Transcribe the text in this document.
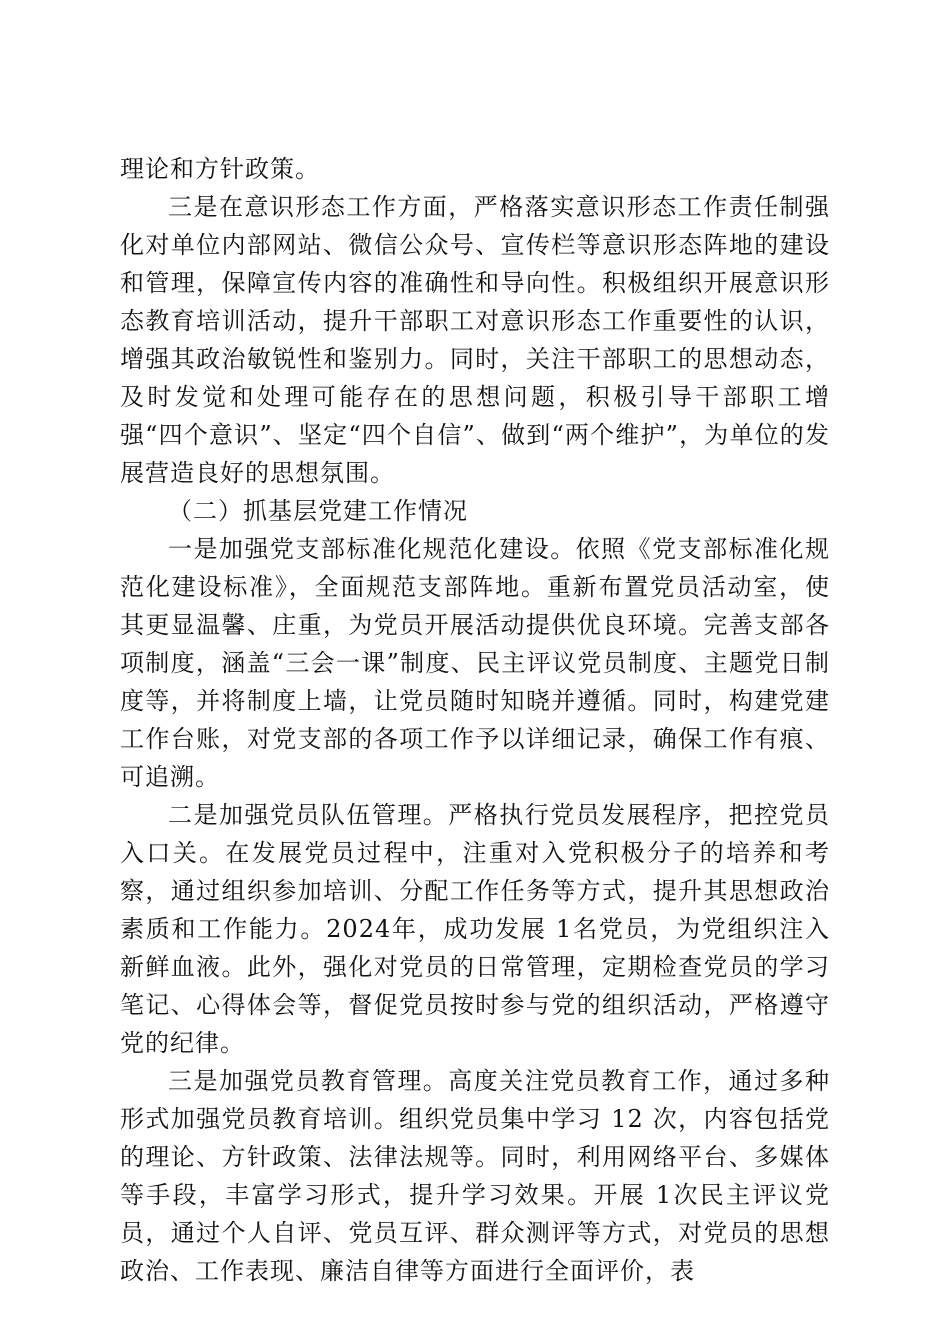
理论和方针政策。

三是在意识形态工作方面，严格落实意识形态工作责任制强化对单位内部网站、微信公众号、宣传栏等意识形态阵地的建设和管理，保障宣传内容的准确性和导向性。积极组织开展意识形态教育培训活动，提升干部职工对意识形态工作重要性的认识，增强其政治敏锐性和鉴别力。同时，关注干部职工的思想动态，及时发觉和处理可能存在的思想问题，积极引导干部职工增强“四个意识”、坚定“四个自信”、做到“两个维护”，为单位的发展营造良好的思想氛围。

（二）抓基层党建工作情况

一是加强党支部标准化规范化建设。依照《党支部标准化规范化建设标准》，全面规范支部阵地。重新布置党员活动室，使其更显温馨、庄重，为党员开展活动提供优良环境。完善支部各项制度，涵盖“三会一课”制度、民主评议党员制度、主题党日制度等，并将制度上墙，让党员随时知晓并遵循。同时，构建党建工作台账，对党支部的各项工作予以详细记录，确保工作有痕、可追溯。

二是加强党员队伍管理。严格执行党员发展程序，把控党员入口关。在发展党员过程中，注重对入党积极分子的培养和考察，通过组织参加培训、分配工作任务等方式，提升其思想政治素质和工作能力。2024年，成功发展 1名党员，为党组织注入新鲜血液。此外，强化对党员的日常管理，定期检查党员的学习笔记、心得体会等，督促党员按时参与党的组织活动，严格遵守党的纪律。

三是加强党员教育管理。高度关注党员教育工作，通过多种形式加强党员教育培训。组织党员集中学习 12 次，内容包括党的理论、方针政策、法律法规等。同时，利用网络平台、多媒体等手段，丰富学习形式，提升学习效果。开展 1次民主评议党员，通过个人自评、党员互评、群众测评等方式，对党员的思想政治、工作表现、廉洁自律等方面进行全面评价，表
